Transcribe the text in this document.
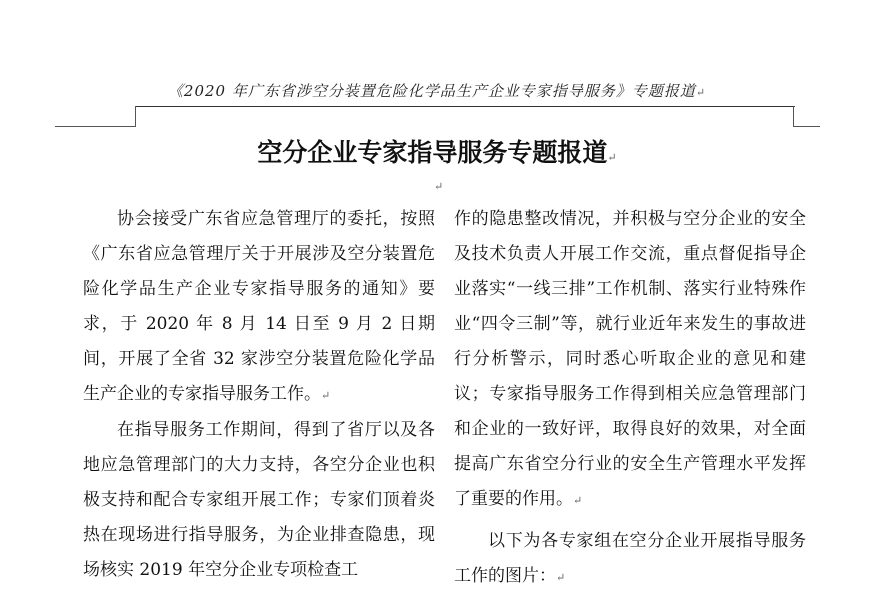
《2020 年广东省涉空分装置危险化学品生产企业专家指导服务》专题报道↵
空分企业专家指导服务专题报道↵
↵

协会接受广东省应急管理厅的委托，按照《广东省应急管理厅关于开展涉及空分装置危险化学品生产企业专家指导服务的通知》要求，于 2020 年 8 月 14 日至 9 月 2 日期间，开展了全省 32 家涉空分装置危险化学品生产企业的专家指导服务工作。↵

在指导服务工作期间，得到了省厅以及各地应急管理部门的大力支持，各空分企业也积极支持和配合专家组开展工作；专家们顶着炎热在现场进行指导服务，为企业排查隐患，现场核实 2019 年空分企业专项检查工

作的隐患整改情况，并积极与空分企业的安全及技术负责人开展工作交流，重点督促指导企业落实“一线三排”工作机制、落实行业特殊作业“四令三制”等，就行业近年来发生的事故进行分析警示，同时悉心听取企业的意见和建议；专家指导服务工作得到相关应急管理部门和企业的一致好评，取得良好的效果，对全面提高广东省空分行业的安全生产管理水平发挥了重要的作用。↵

以下为各专家组在空分企业开展指导服务工作的图片：↵
